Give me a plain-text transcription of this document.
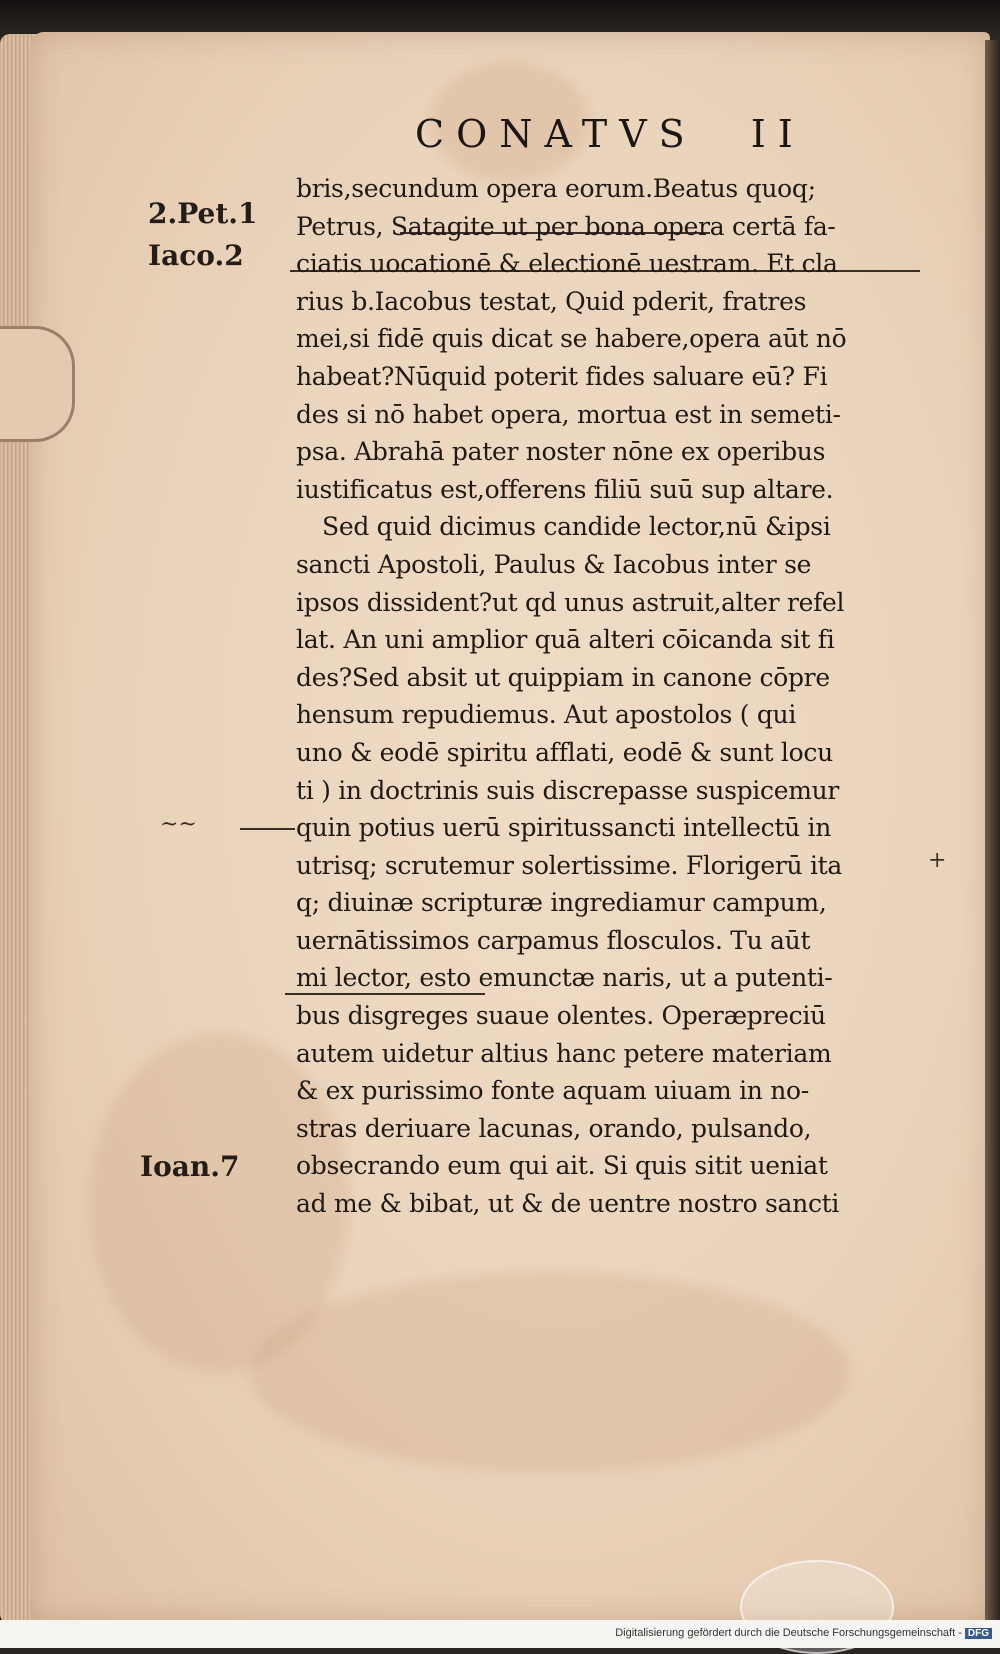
CONATVS II
2.Pet.1
Iaco.2
Ioan.7
~~
+
bris,secundum opera eorum.Beatus quoq;
Petrus, Satagite ut per bona opera certā fa-
ciatis uocationē & electionē uestram. Et cla
rius b.Iacobus testat, Quid pderit, fratres
mei,si fidē quis dicat se habere,opera aūt nō
habeat?Nūquid poterit fides saluare eū? Fi
des si nō habet opera, mortua est in semeti-
psa. Abrahā pater noster nōne ex operibus
iustificatus est,offerens filiū suū sup altare.
Sed quid dicimus candide lector,nū &ipsi
sancti Apostoli, Paulus & Iacobus inter se
ipsos dissident?ut qd unus astruit,alter refel
lat. An uni amplior quā alteri cōicanda sit fi
des?Sed absit ut quippiam in canone cōpre
hensum repudiemus. Aut apostolos ( qui
uno & eodē spiritu afflati, eodē & sunt locu
ti ) in doctrinis suis discrepasse suspicemur
quin potius uerū spiritussancti intellectū in
utrisq; scrutemur solertissime. Florigerū ita
q; diuinæ scripturæ ingrediamur campum,
uernātissimos carpamus flosculos. Tu aūt
mi lector, esto emunctæ naris, ut a putenti-
bus disgreges suaue olentes. Operæpreciū
autem uidetur altius hanc petere materiam
& ex purissimo fonte aquam uiuam in no-
stras deriuare lacunas, orando, pulsando,
obsecrando eum qui ait. Si quis sitit ueniat
ad me & bibat, ut & de uentre nostro sancti
Digitalisierung gefördert durch die Deutsche Forschungsgemeinschaft - DFG
